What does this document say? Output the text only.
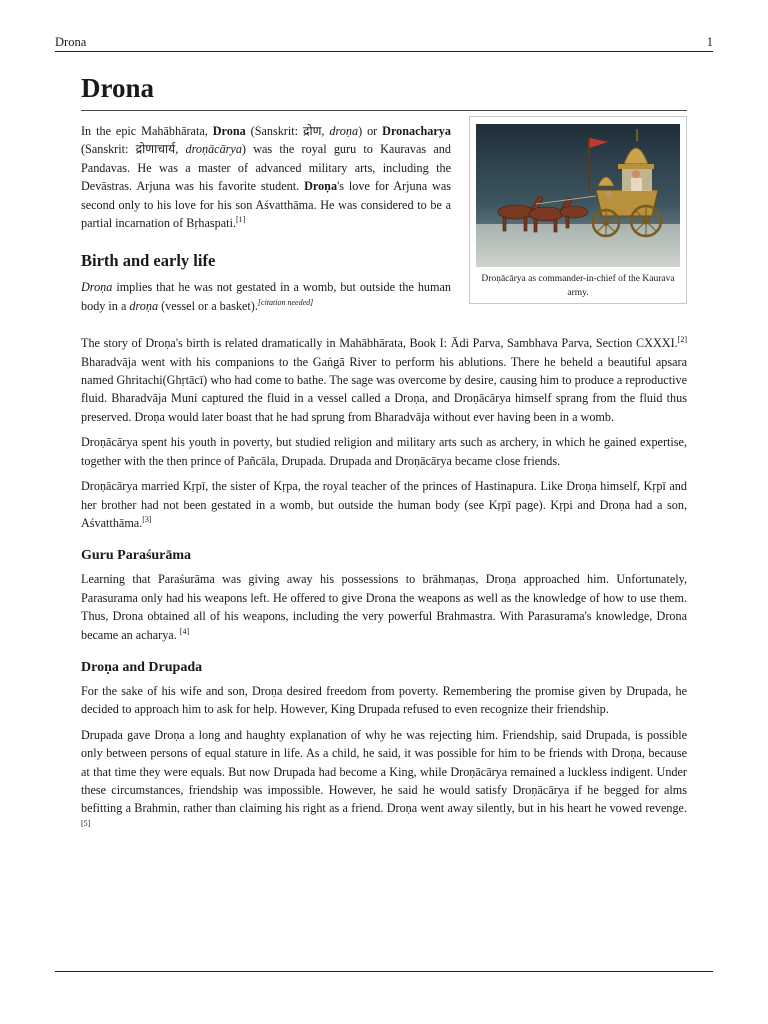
Drona	1
Drona
Droṇācārya as commander-in-chief of the Kaurava army.

In the epic Mahābhārata, Drona (Sanskrit: द्रोण, droṇa) or Dronacharya (Sanskrit: द्रोणाचार्य, droṇācārya) was the royal guru to Kauravas and Pandavas. He was a master of advanced military arts, including the Devāstras. Arjuna was his favorite student. Droṇa's love for Arjuna was second only to his love for his son Aśvatthāma. He was considered to be a partial incarnation of Bṛhaspati.[1]

Birth and early life

Droṇa implies that he was not gestated in a womb, but outside the human body in a droṇa (vessel or a basket).[citation needed]

The story of Droṇa's birth is related dramatically in Mahābhārata, Book I: Ādi Parva, Sambhava Parva, Section CXXXI.[2] Bharadvāja went with his companions to the Gaṅgā River to perform his ablutions. There he beheld a beautiful apsara named Ghritachi(Ghṛtācī) who had come to bathe. The sage was overcome by desire, causing him to produce a reproductive fluid. Bharadvāja Muni captured the fluid in a vessel called a Droṇa, and Droṇācārya himself sprang from the fluid thus preserved. Droṇa would later boast that he had sprung from Bharadvāja without ever having been in a womb.

Droṇācārya spent his youth in poverty, but studied religion and military arts such as archery, in which he gained expertise, together with the then prince of Pañcāla, Drupada. Drupada and Droṇācārya became close friends.

Droṇācārya married Kṛpī, the sister of Kṛpa, the royal teacher of the princes of Hastinapura. Like Droṇa himself, Kṛpī and her brother had not been gestated in a womb, but outside the human body (see Kṛpī page). Kṛpi and Droṇa had a son, Aśvatthāma.[3]

Guru Paraśurāma

Learning that Paraśurāma was giving away his possessions to brāhmaṇas, Droṇa approached him. Unfortunately, Parasurama only had his weapons left. He offered to give Drona the weapons as well as the knowledge of how to use them. Thus, Drona obtained all of his weapons, including the very powerful Brahmastra. With Parasurama's knowledge, Drona became an acharya. [4]

Droṇa and Drupada

For the sake of his wife and son, Droṇa desired freedom from poverty. Remembering the promise given by Drupada, he decided to approach him to ask for help. However, King Drupada refused to even recognize their friendship.

Drupada gave Droṇa a long and haughty explanation of why he was rejecting him. Friendship, said Drupada, is possible only between persons of equal stature in life. As a child, he said, it was possible for him to be friends with Droṇa, because at that time they were equals. But now Drupada had become a King, while Droṇācārya remained a luckless indigent. Under these circumstances, friendship was impossible. However, he said he would satisfy Droṇācārya if he begged for alms befitting a Brahmin, rather than claiming his right as a friend. Droṇa went away silently, but in his heart he vowed revenge.[5]
